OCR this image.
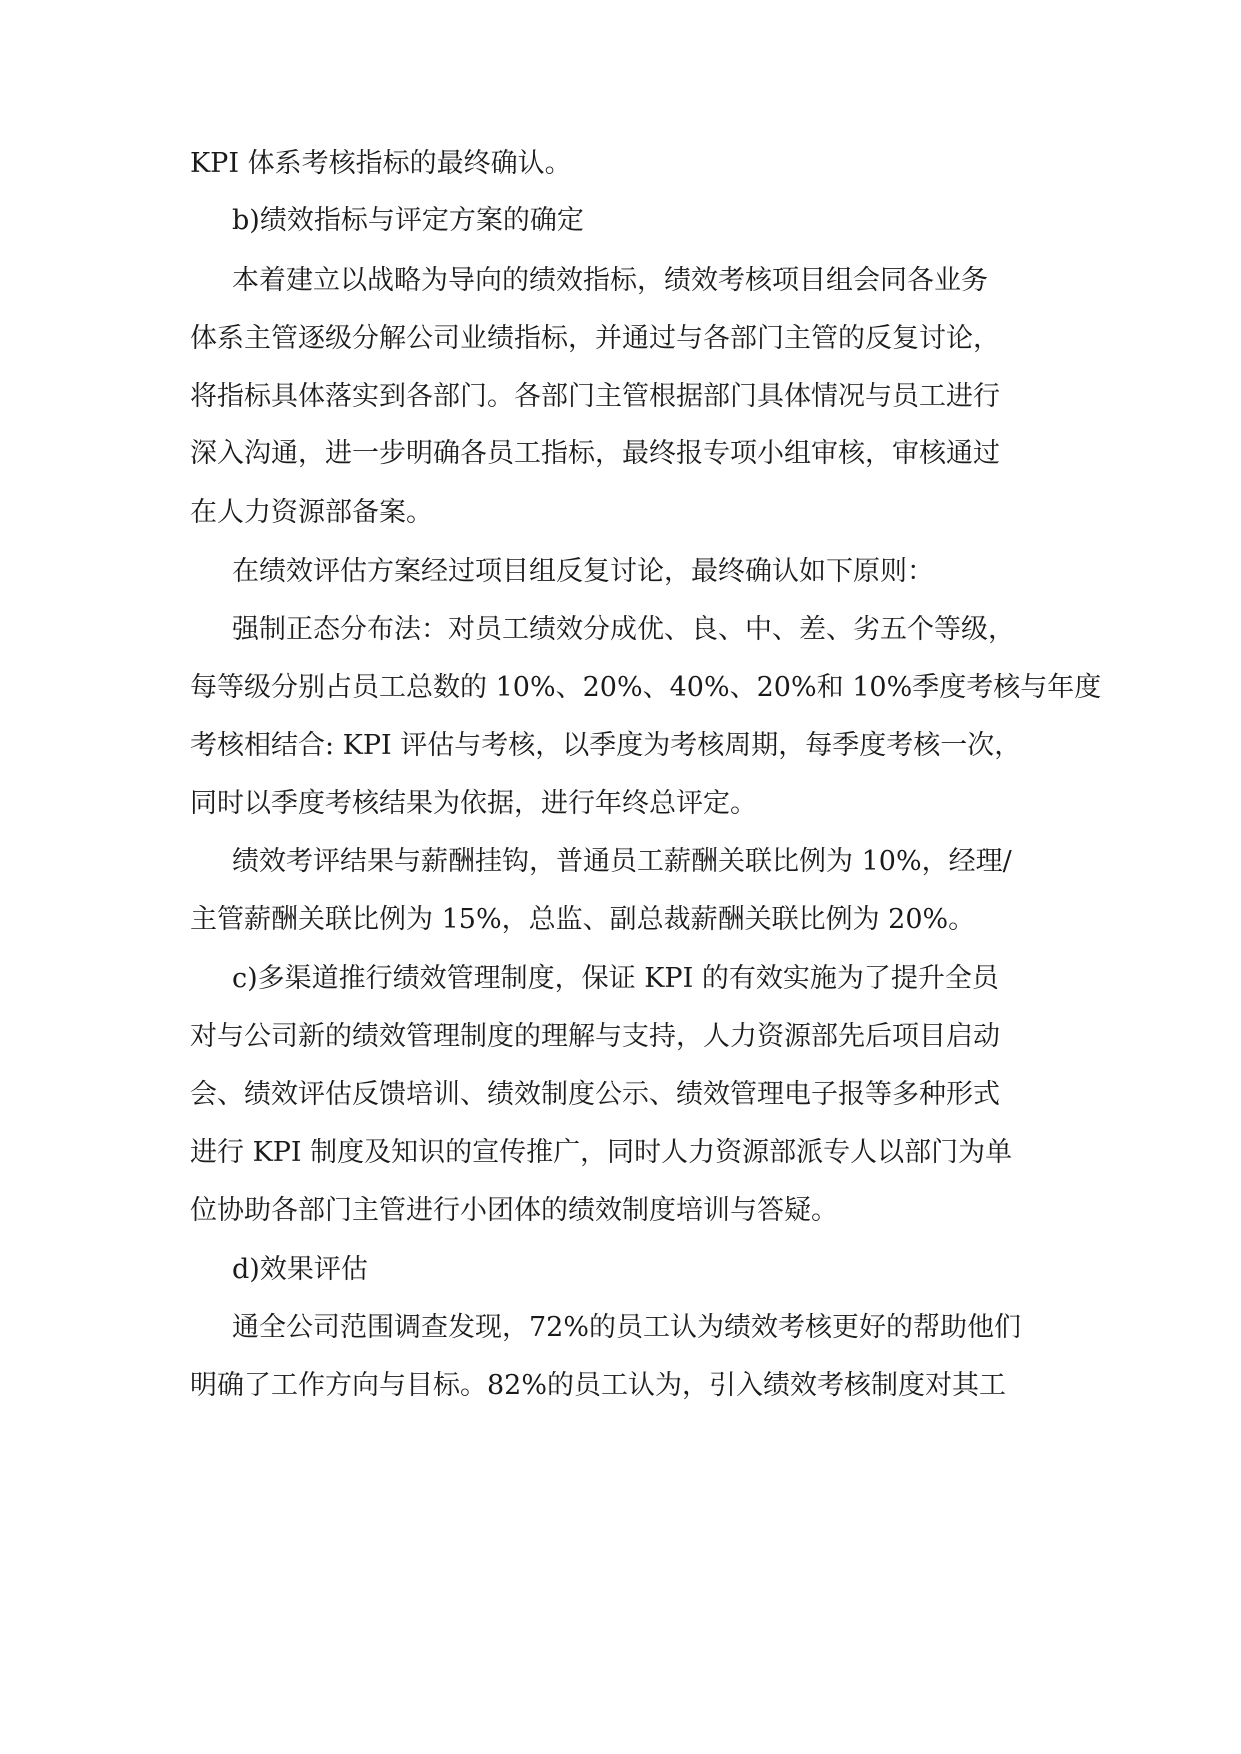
KPI 体系考核指标的最终确认。

b)绩效指标与评定方案的确定

本着建立以战略为导向的绩效指标，绩效考核项目组会同各业务

体系主管逐级分解公司业绩指标，并通过与各部门主管的反复讨论，

将指标具体落实到各部门。各部门主管根据部门具体情况与员工进行

深入沟通，进一步明确各员工指标，最终报专项小组审核，审核通过

在人力资源部备案。

在绩效评估方案经过项目组反复讨论，最终确认如下原则：

强制正态分布法：对员工绩效分成优、良、中、差、劣五个等级，

每等级分别占员工总数的 10%、20%、40%、20%和 10%季度考核与年度

考核相结合: KPI 评估与考核，以季度为考核周期，每季度考核一次，

同时以季度考核结果为依据，进行年终总评定。

绩效考评结果与薪酬挂钩，普通员工薪酬关联比例为 10%，经理/

主管薪酬关联比例为 15%，总监、副总裁薪酬关联比例为 20%。

c)多渠道推行绩效管理制度，保证 KPI 的有效实施为了提升全员

对与公司新的绩效管理制度的理解与支持，人力资源部先后项目启动

会、绩效评估反馈培训、绩效制度公示、绩效管理电子报等多种形式

进行 KPI 制度及知识的宣传推广，同时人力资源部派专人以部门为单

位协助各部门主管进行小团体的绩效制度培训与答疑。

d)效果评估

通全公司范围调查发现，72%的员工认为绩效考核更好的帮助他们

明确了工作方向与目标。82%的员工认为，引入绩效考核制度对其工
